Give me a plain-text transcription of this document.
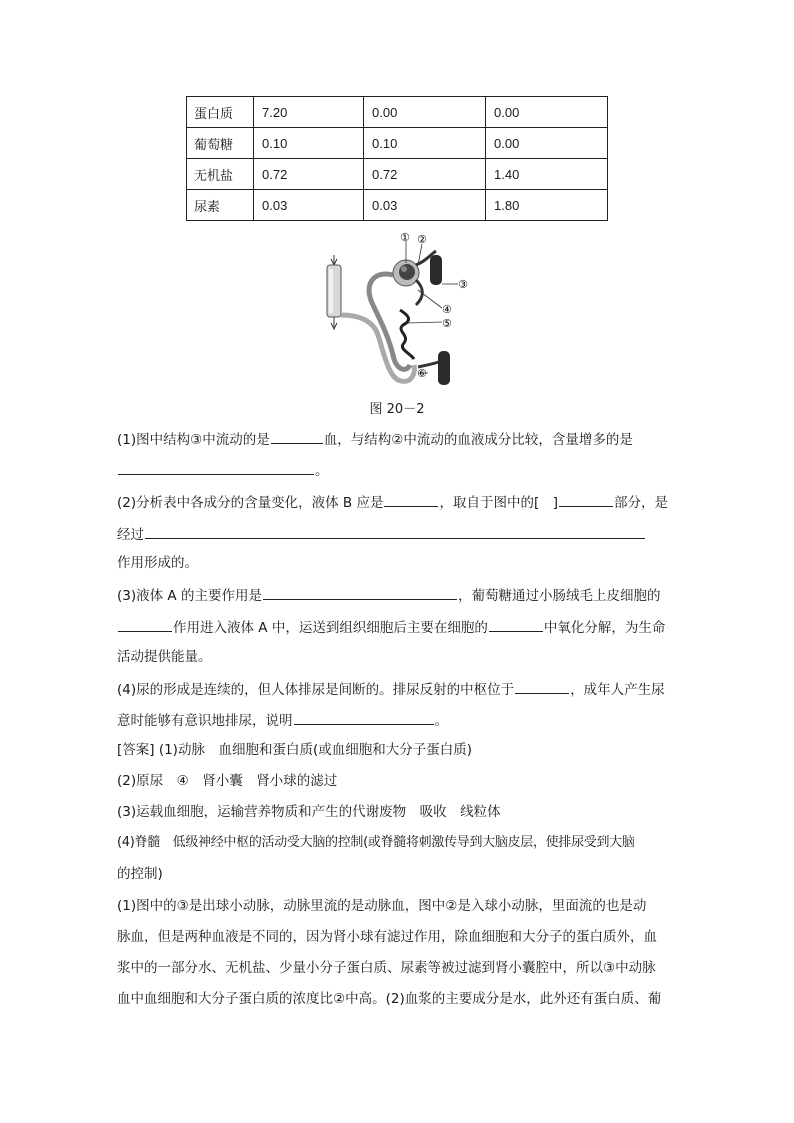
蛋白质	7.20	0.00	0.00
葡萄糖	0.10	0.10	0.00
无机盐	0.72	0.72	1.40
尿素	0.03	0.03	1.80
① ②
③
④
⑤
⑥
图 20－2
(1)图中结构③中流动的是	血，与结构②中流动的血液成分比较，含量增多的是
。
(2)分析表中各成分的含量变化，液体 B 应是	，取自于图中的[　]	部分，是
经过
作用形成的。
(3)液体 A 的主要作用是	，葡萄糖通过小肠绒毛上皮细胞的
作用进入液体 A 中，运送到组织细胞后主要在细胞的	中氧化分解，为生命
活动提供能量。
(4)尿的形成是连续的，但人体排尿是间断的。排尿反射的中枢位于	，成年人产生尿
意时能够有意识地排尿，说明	。
[答案] (1)动脉　血细胞和蛋白质(或血细胞和大分子蛋白质)
(2)原尿　④　肾小囊　肾小球的滤过
(3)运载血细胞，运输营养物质和产生的代谢废物　吸收　线粒体
(4)脊髓　低级神经中枢的活动受大脑的控制(或脊髓将刺激传导到大脑皮层，使排尿受到大脑
的控制)
(1)图中的③是出球小动脉，动脉里流的是动脉血，图中②是入球小动脉，里面流的也是动
脉血，但是两种血液是不同的，因为肾小球有滤过作用，除血细胞和大分子的蛋白质外，血
浆中的一部分水、无机盐、少量小分子蛋白质、尿素等被过滤到肾小囊腔中，所以③中动脉
血中血细胞和大分子蛋白质的浓度比②中高。(2)血浆的主要成分是水，此外还有蛋白质、葡
